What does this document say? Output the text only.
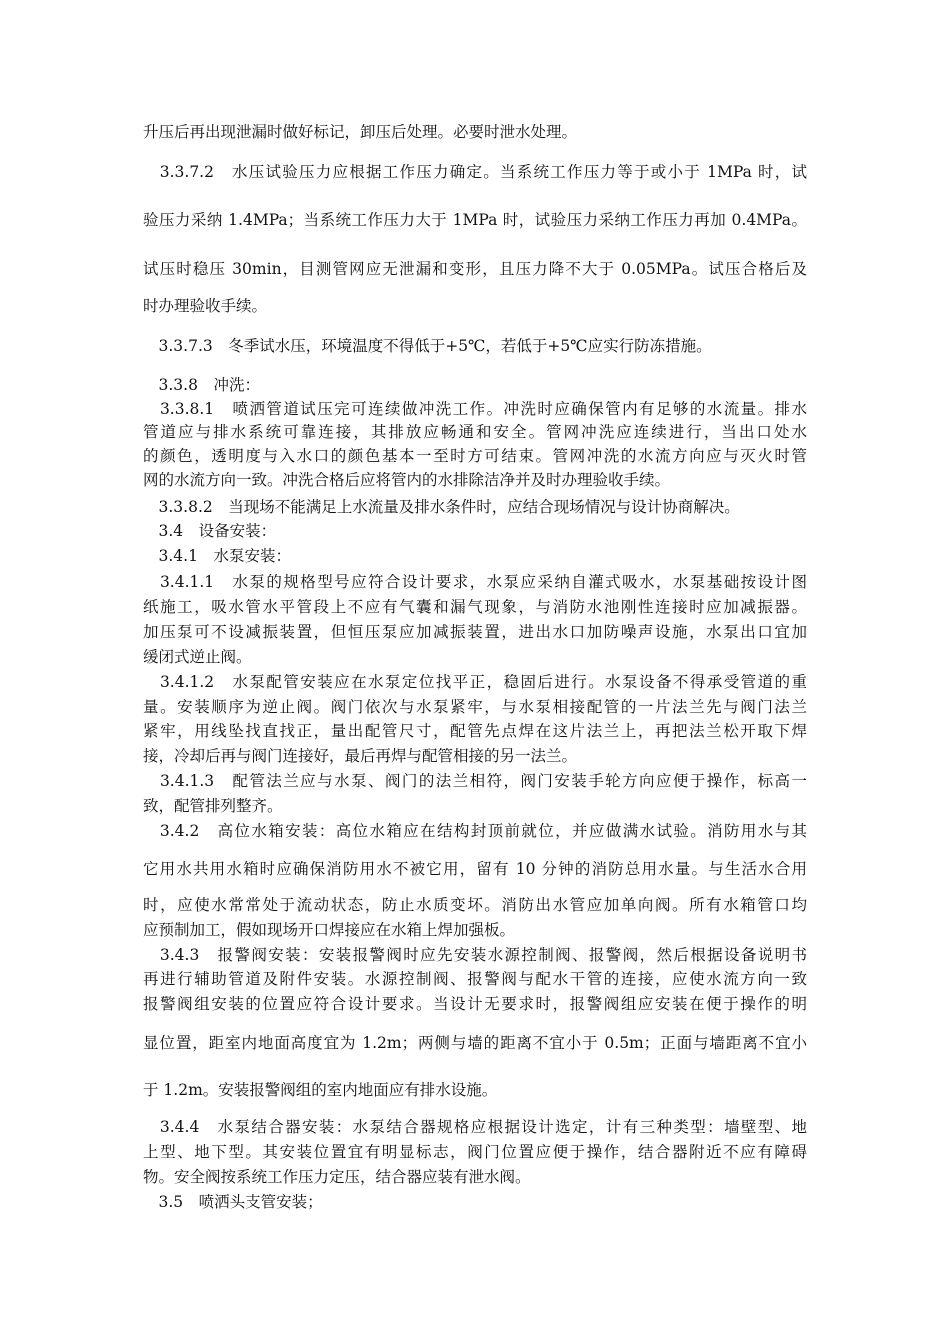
升压后再出现泄漏时做好标记，卸压后处理。必要时泄水处理。
　3.3.7.2　水压试验压力应根据工作压力确定。当系统工作压力等于或小于 1MPa 时，试
验压力采纳 1.4MPa；当系统工作压力大于 1MPa 时，试验压力采纳工作压力再加 0.4MPa。
试压时稳压 30min，目测管网应无泄漏和变形，且压力降不大于 0.05MPa。试压合格后及
时办理验收手续。
　3.3.7.3　冬季试水压，环境温度不得低于+5℃，若低于+5℃应实行防冻措施。
　3.3.8　冲洗：
　3.3.8.1　喷洒管道试压完可连续做冲洗工作。冲洗时应确保管内有足够的水流量。排水
管道应与排水系统可靠连接，其排放应畅通和安全。管网冲洗应连续进行，当出口处水
的颜色，透明度与入水口的颜色基本一至时方可结束。管网冲洗的水流方向应与灭火时管
网的水流方向一致。冲洗合格后应将管内的水排除洁净并及时办理验收手续。
　3.3.8.2　当现场不能满足上水流量及排水条件时，应结合现场情况与设计协商解决。
　3.4　设备安装：
　3.4.1　水泵安装：
　3.4.1.1　水泵的规格型号应符合设计要求，水泵应采纳自灌式吸水，水泵基础按设计图
纸施工，吸水管水平管段上不应有气囊和漏气现象，与消防水池刚性连接时应加减振器。
加压泵可不设减振装置，但恒压泵应加减振装置，进出水口加防噪声设施，水泵出口宜加
缓闭式逆止阀。
　3.4.1.2　水泵配管安装应在水泵定位找平正，稳固后进行。水泵设备不得承受管道的重
量。安装顺序为逆止阀。阀门依次与水泵紧牢，与水泵相接配管的一片法兰先与阀门法兰
紧牢，用线坠找直找正，量出配管尺寸，配管先点焊在这片法兰上，再把法兰松开取下焊
接，冷却后再与阀门连接好，最后再焊与配管相接的另一法兰。
　3.4.1.3　配管法兰应与水泵、阀门的法兰相符，阀门安装手轮方向应便于操作，标高一
致，配管排列整齐。
　3.4.2　高位水箱安装：高位水箱应在结构封顶前就位，并应做满水试验。消防用水与其
它用水共用水箱时应确保消防用水不被它用，留有 10 分钟的消防总用水量。与生活水合用
时，应使水常常处于流动状态，防止水质变坏。消防出水管应加单向阀。所有水箱管口均
应预制加工，假如现场开口焊接应在水箱上焊加强板。
　3.4.3　报警阀安装：安装报警阀时应先安装水源控制阀、报警阀，然后根据设备说明书
再进行辅助管道及附件安装。水源控制阀、报警阀与配水干管的连接，应使水流方向一致
报警阀组安装的位置应符合设计要求。当设计无要求时，报警阀组应安装在便于操作的明
显位置，距室内地面高度宜为 1.2m；两侧与墙的距离不宜小于 0.5m；正面与墙距离不宜小
于 1.2m。安装报警阀组的室内地面应有排水设施。
　3.4.4　水泵结合器安装：水泵结合器规格应根据设计选定，计有三种类型：墙壁型、地
上型、地下型。其安装位置宜有明显标志，阀门位置应便于操作，结合器附近不应有障碍
物。安全阀按系统工作压力定压，结合器应装有泄水阀。
　3.5　喷洒头支管安装；
